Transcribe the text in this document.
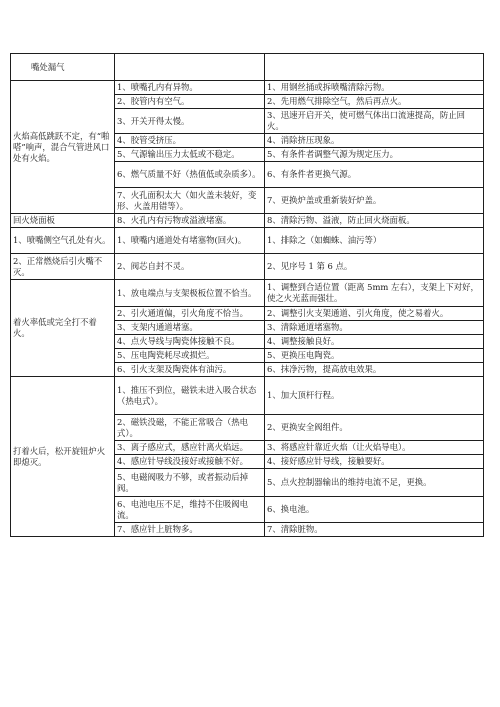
嘴处漏气		
火焰高低跳跃不定，有“啪嗒”响声，混合气管进风口处有火焰。	1、喷嘴孔内有异物。	1、用钢丝捅或拆喷嘴清除污物。
	2、胶管内有空气。	2、先用燃气排除空气，然后再点火。
	3、开关开得太慢。	3、迅速开启开关，使可燃气体出口流速提高，防止回火。
	4、胶管受挤压。	4、消除挤压现象。
	5、气源输出压力太低或不稳定。	5、有条件者调整气源为规定压力。
	6、燃气质量不好（热值低或杂质多）。	6、有条件者更换气源。
	7、火孔面积太大（如火盖未装好，变形、火盖用错等）。	7、更换炉盖或重新装好炉盖。
回火烧面板	8、火孔内有污物或溢液堵塞。	8、清除污物、溢液，防止回火烧面板。
1、喷嘴侧空气孔处有火。	1、喷嘴内通道处有堵塞物(回火)。	1、排除之（如蜘蛛、油污等）
2、正常燃烧后引火嘴不灭。	2、阀芯自封不灵。	2、见序号 1 第 6 点。
着火率低或完全打不着火。	1、放电端点与支架极板位置不恰当。	1、调整到合适位置（距离 5mm 左右），支架上下对好，使之火光蓝而强壮。
	2、引火通道偏，引火角度不恰当。	2、调整引火支架通道、引火角度，使之易着火。
	3、支架内通道堵塞。	3、清除通道堵塞物。
	4、点火导线与陶瓷体接触不良。	4、调整接触良好。
	5、压电陶瓷耗尽或损烂。	5、更换压电陶瓷。
	6、引火支架及陶瓷体有油污。	6、抹净污物，提高放电效果。
打着火后，松开旋钮炉火即熄灭。	1、推压不到位，磁铁未进入吸合状态（热电式）。	1、加大顶杆行程。
	2、磁铁没磁，不能正常吸合（热电式）。	2、更换安全阀组件。
	3、离子感应式，感应针离火焰远。	3、将感应针靠近火焰（让火焰导电）。
	4、感应针导线没接好或接触不好。	4、接好感应针导线，接触要好。
	5、电磁阀吸力不够，或者振动后掉阀。	5、点火控制器输出的维持电流不足，更换。
	6、电池电压不足，维持不住吸阀电流。	6、换电池。
	7、感应针上脏物多。	7、清除脏物。
